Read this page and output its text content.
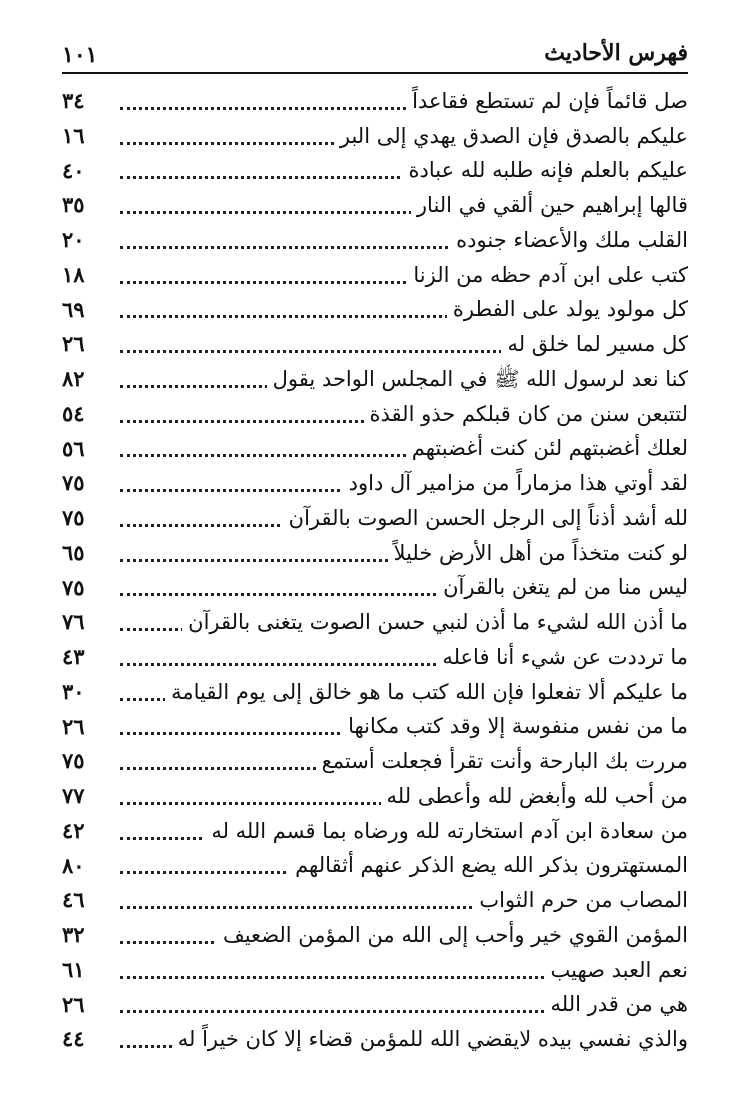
١٠١	فهرس الأحاديث
صل قائماً فإن لم تستطع فقاعداً
٣٤
عليكم بالصدق فإن الصدق يهدي إلى البر
١٦
عليكم بالعلم فإنه طلبه لله عبادة
٤٠
قالها إبراهيم حين ألقي في النار
٣٥
القلب ملك والأعضاء جنوده
٢٠
كتب على ابن آدم حظه من الزنا
١٨
كل مولود يولد على الفطرة
٦٩
كل مسير لما خلق له
٢٦
كنا نعد لرسول الله ﷺ في المجلس الواحد يقول
٨٢
لتتبعن سنن من كان قبلكم حذو القذة
٥٤
لعلك أغضبتهم لئن كنت أغضبتهم
٥٦
لقد أوتي هذا مزماراً من مزامير آل داود
٧٥
لله أشد أذناً إلى الرجل الحسن الصوت بالقرآن
٧٥
لو كنت متخذاً من أهل الأرض خليلاً
٦٥
ليس منا من لم يتغن بالقرآن
٧٥
ما أذن الله لشيء ما أذن لنبي حسن الصوت يتغنى بالقرآن
٧٦
ما ترددت عن شيء أنا فاعله
٤٣
ما عليكم ألا تفعلوا فإن الله كتب ما هو خالق إلى يوم القيامة
٣٠
ما من نفس منفوسة إلا وقد كتب مكانها
٢٦
مررت بك البارحة وأنت تقرأ فجعلت أستمع
٧٥
من أحب لله وأبغض لله وأعطى لله
٧٧
من سعادة ابن آدم استخارته لله ورضاه بما قسم الله له
٤٢
المستهترون بذكر الله يضع الذكر عنهم أثقالهم
٨٠
المصاب من حرم الثواب
٤٦
المؤمن القوي خير وأحب إلى الله من المؤمن الضعيف
٣٢
نعم العبد صهيب
٦١
هي من قدر الله
٢٦
والذي نفسي بيده لايقضي الله للمؤمن قضاء إلا كان خيراً له
٤٤
